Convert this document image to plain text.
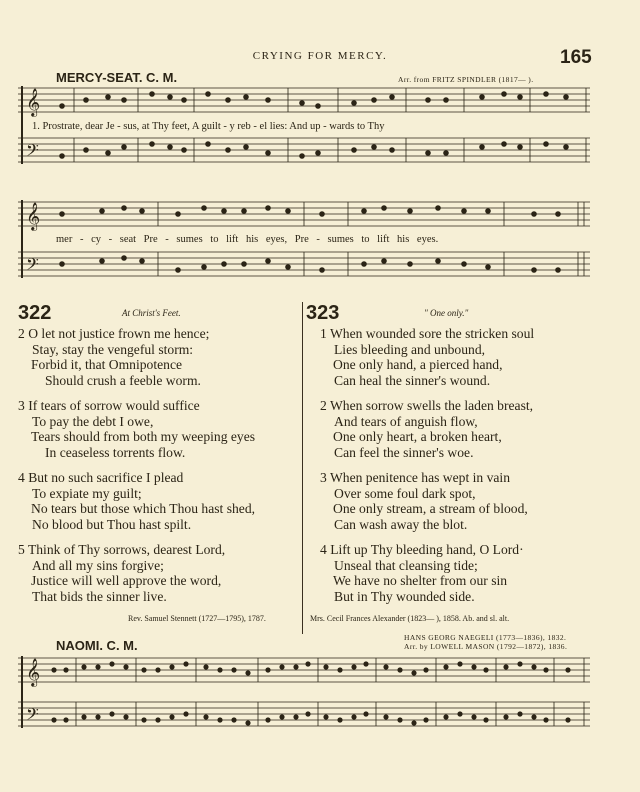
CRYING FOR MERCY.	165
MERCY-SEAT. C. M.	Arr. from FRITZ SPINDLER (1817— ).
𝄞
𝄢
1. Prostrate, dear Je - sus, at Thy feet, A guilt - y reb - el lies: And up - wards to Thy
𝄞
𝄢
mer - cy - seat Pre - sumes to lift his eyes, Pre - sumes to lift his eyes.
322	At Christ's Feet.
2 O let not justice frown me hence;
Stay, stay the vengeful storm:
Forbid it, that Omnipotence
Should crush a feeble worm.
3 If tears of sorrow would suffice
To pay the debt I owe,
Tears should from both my weeping eyes
In ceaseless torrents flow.
4 But no such sacrifice I plead
To expiate my guilt;
No tears but those which Thou hast shed,
No blood but Thou hast spilt.
5 Think of Thy sorrows, dearest Lord,
And all my sins forgive;
Justice will well approve the word,
That bids the sinner live.
Rev. Samuel Stennett (1727—1795), 1787.
323	" One only."
1 When wounded sore the stricken soul
Lies bleeding and unbound,
One only hand, a pierced hand,
Can heal the sinner's wound.
2 When sorrow swells the laden breast,
And tears of anguish flow,
One only heart, a broken heart,
Can feel the sinner's woe.
3 When penitence has wept in vain
Over some foul dark spot,
One only stream, a stream of blood,
Can wash away the blot.
4 Lift up Thy bleeding hand, O Lord·
Unseal that cleansing tide;
We have no shelter from our sin
But in Thy wounded side.
Mrs. Cecil Frances Alexander (1823— ), 1858. Ab. and sl. alt.
NAOMI. C. M.
HANS GEORG NAEGELI (1773—1836), 1832.
Arr. by LOWELL MASON (1792—1872), 1836.
𝄞
𝄢
